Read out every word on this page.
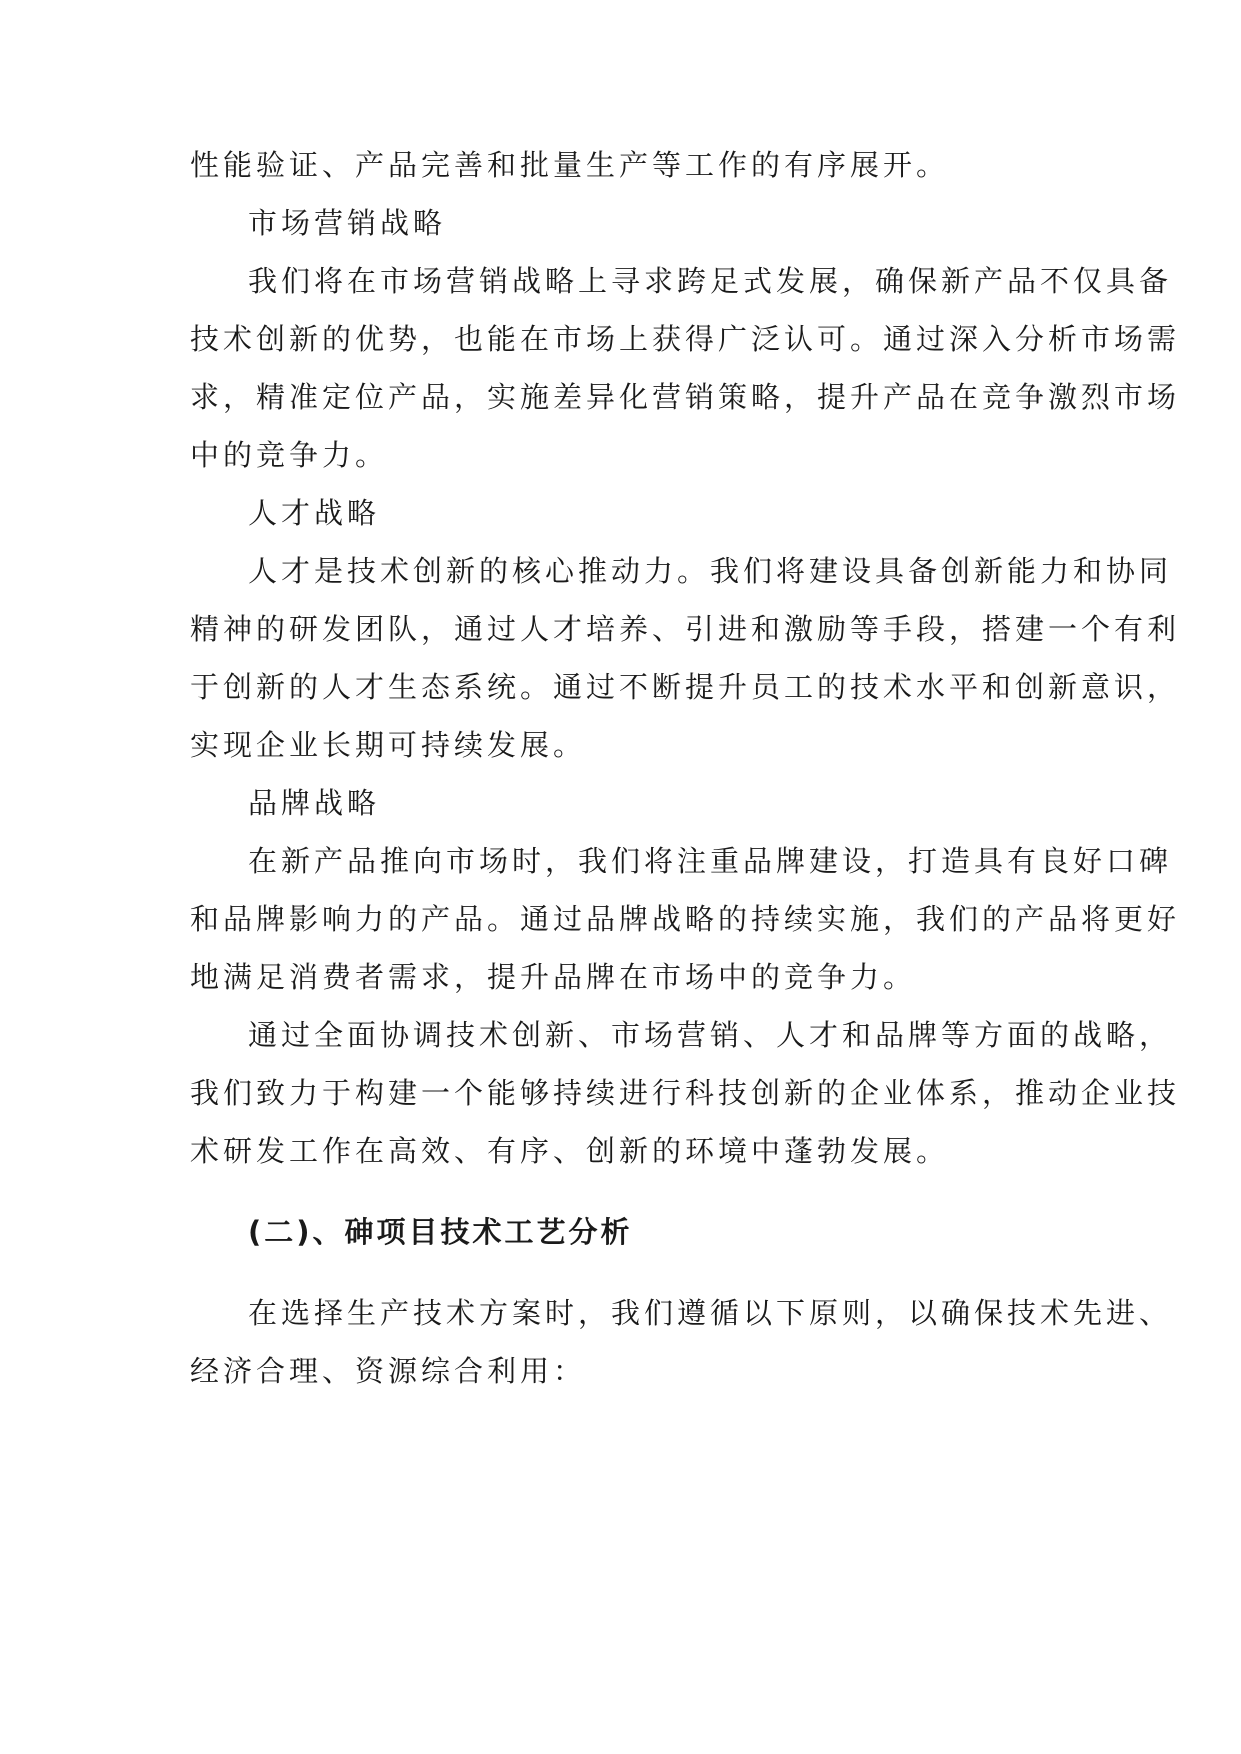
性能验证、产品完善和批量生产等工作的有序展开。
市场营销战略
我们将在市场营销战略上寻求跨足式发展，确保新产品不仅具备
技术创新的优势，也能在市场上获得广泛认可。通过深入分析市场需
求，精准定位产品，实施差异化营销策略，提升产品在竞争激烈市场
中的竞争力。
人才战略
人才是技术创新的核心推动力。我们将建设具备创新能力和协同
精神的研发团队，通过人才培养、引进和激励等手段，搭建一个有利
于创新的人才生态系统。通过不断提升员工的技术水平和创新意识，
实现企业长期可持续发展。
品牌战略
在新产品推向市场时，我们将注重品牌建设，打造具有良好口碑
和品牌影响力的产品。通过品牌战略的持续实施，我们的产品将更好
地满足消费者需求，提升品牌在市场中的竞争力。
通过全面协调技术创新、市场营销、人才和品牌等方面的战略，
我们致力于构建一个能够持续进行科技创新的企业体系，推动企业技
术研发工作在高效、有序、创新的环境中蓬勃发展。
(二)、砷项目技术工艺分析
在选择生产技术方案时，我们遵循以下原则，以确保技术先进、
经济合理、资源综合利用：
